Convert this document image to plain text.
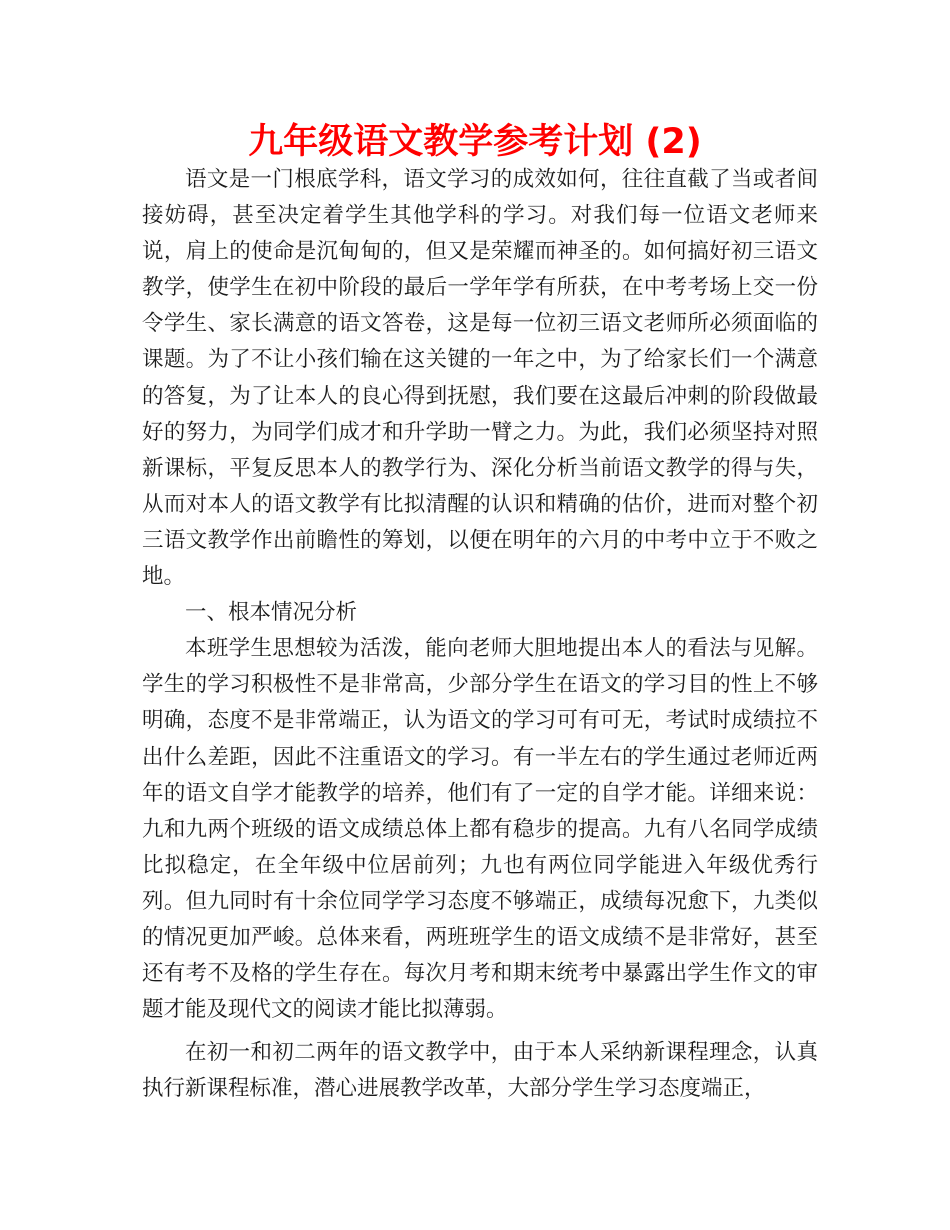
九年级语文教学参考计划 (2)

语文是一门根底学科，语文学习的成效如何，往往直截了当或者间接妨碍，甚至决定着学生其他学科的学习。对我们每一位语文老师来说，肩上的使命是沉甸甸的，但又是荣耀而神圣的。如何搞好初三语文教学，使学生在初中阶段的最后一学年学有所获，在中考考场上交一份令学生、家长满意的语文答卷，这是每一位初三语文老师所必须面临的课题。为了不让小孩们输在这关键的一年之中，为了给家长们一个满意的答复，为了让本人的良心得到抚慰，我们要在这最后冲刺的阶段做最好的努力，为同学们成才和升学助一臂之力。为此，我们必须坚持对照新课标，平复反思本人的教学行为、深化分析当前语文教学的得与失，从而对本人的语文教学有比拟清醒的认识和精确的估价，进而对整个初三语文教学作出前瞻性的筹划，以便在明年的六月的中考中立于不败之地。

一、根本情况分析

本班学生思想较为活泼，能向老师大胆地提出本人的看法与见解。学生的学习积极性不是非常高，少部分学生在语文的学习目的性上不够明确，态度不是非常端正，认为语文的学习可有可无，考试时成绩拉不出什么差距，因此不注重语文的学习。有一半左右的学生通过老师近两年的语文自学才能教学的培养，他们有了一定的自学才能。详细来说：九和九两个班级的语文成绩总体上都有稳步的提高。九有八名同学成绩比拟稳定，在全年级中位居前列；九也有两位同学能进入年级优秀行列。但九同时有十余位同学学习态度不够端正，成绩每况愈下，九类似的情况更加严峻。总体来看，两班班学生的语文成绩不是非常好，甚至还有考不及格的学生存在。每次月考和期末统考中暴露出学生作文的审题才能及现代文的阅读才能比拟薄弱。

在初一和初二两年的语文教学中，由于本人采纳新课程理念，认真执行新课程标准，潜心进展教学改革，大部分学生学习态度端正，
